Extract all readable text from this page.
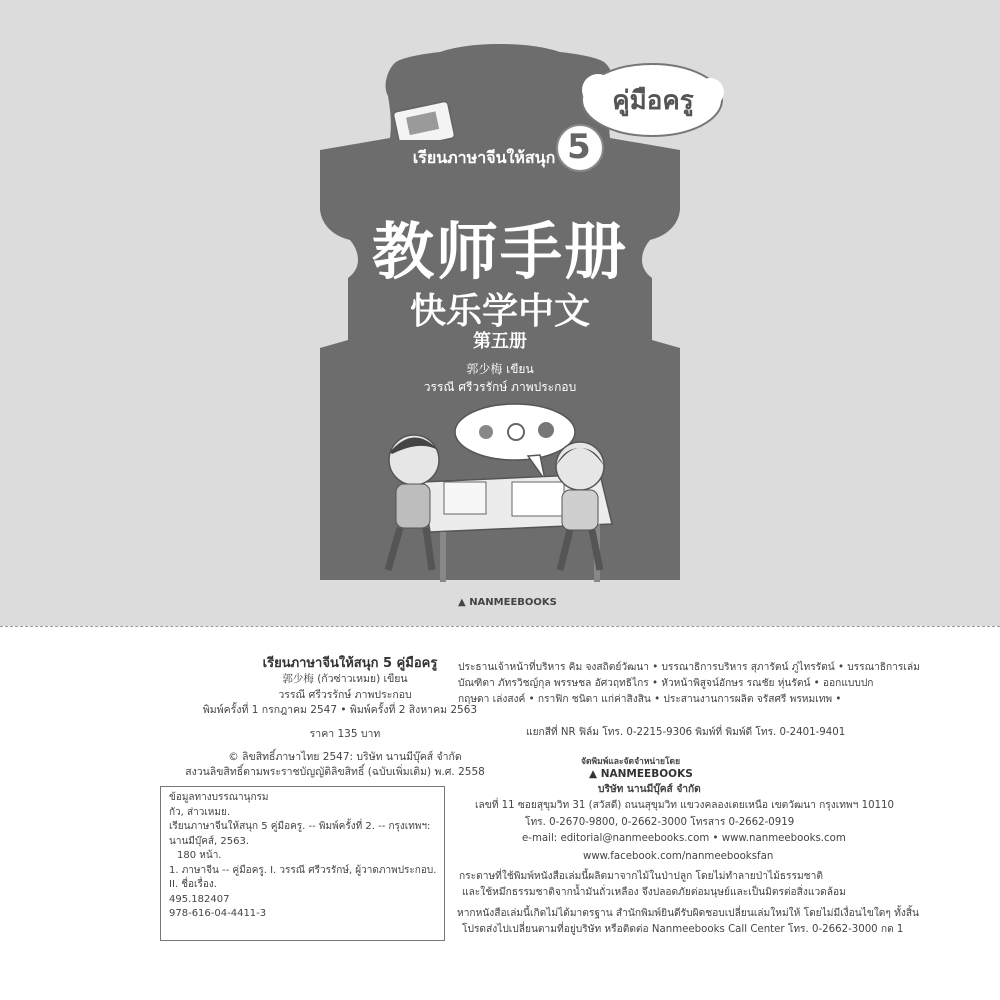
คู่มือครู
เรียนภาษาจีนให้สนุก 5
教师手册
快乐学中文
第五册
郭少梅 เขียน
วรรณี ศรีวรรักษ์ ภาพประกอบ
▲ NANMEEBOOKS
เรียนภาษาจีนให้สนุก 5 คู่มือครู
郭少梅 (กัวซ่าวเหมย) เขียน
วรรณี ศรีวรรักษ์ ภาพประกอบ
พิมพ์ครั้งที่ 1 กรกฎาคม 2547 • พิมพ์ครั้งที่ 2 สิงหาคม 2563
ราคา 135 บาท
© ลิขสิทธิ์ภาษาไทย 2547: บริษัท นานมีบุ๊คส์ จำกัด
สงวนลิขสิทธิ์ตามพระราชบัญญัติลิขสิทธิ์ (ฉบับเพิ่มเติม) พ.ศ. 2558
ข้อมูลทางบรรณานุกรม
กัว, ส่าวเหมย.
เรียนภาษาจีนให้สนุก 5 คู่มือครู. -- พิมพ์ครั้งที่ 2. -- กรุงเทพฯ:
นานมีบุ๊คส์, 2563.
180 หน้า.
1. ภาษาจีน -- คู่มือครู. I. วรรณี ศรีวรรักษ์, ผู้วาดภาพประกอบ.
II. ชื่อเรื่อง.
495.182407
978-616-04-4411-3
ประธานเจ้าหน้าที่บริหาร คิม จงสถิตย์วัฒนา • บรรณาธิการบริหาร สุภารัตน์ ภู่ไทรรัตน์ • บรรณาธิการเล่ม
บัณฑิตา ภัทรวิชญ์กุล พรรษชล อัศวฤทธิไกร • หัวหน้าพิสูจน์อักษร รณชัย หุ่นรัตน์ • ออกแบบปก
กฤษดา เล่งสงค์ • กราฟิก ชนิดา แก่ค่าสิงสิน • ประสานงานการผลิต จรัสศรี พรหมเทพ •
แยกสีที่ NR ฟิล์ม โทร. 0-2215-9306 พิมพ์ที่ พิมพ์ดี โทร. 0-2401-9401
จัดพิมพ์และจัดจำหน่ายโดย
▲ NANMEEBOOKS
บริษัท นานมีบุ๊คส์ จำกัด
เลขที่ 11 ซอยสุขุมวิท 31 (สวัสดี) ถนนสุขุมวิท แขวงคลองเตยเหนือ เขตวัฒนา กรุงเทพฯ 10110
โทร. 0-2670-9800, 0-2662-3000 โทรสาร 0-2662-0919
e-mail: editorial@nanmeebooks.com • www.nanmeebooks.com
www.facebook.com/nanmeebooksfan
กระดาษที่ใช้พิมพ์หนังสือเล่มนี้ผลิตมาจากไม้ในป่าปลูก โดยไม่ทำลายป่าไม้ธรรมชาติ
และใช้หมึกธรรมชาติจากน้ำมันถั่วเหลือง จึงปลอดภัยต่อมนุษย์และเป็นมิตรต่อสิ่งแวดล้อม
หากหนังสือเล่มนี้เกิดไม่ได้มาตรฐาน สำนักพิมพ์ยินดีรับผิดชอบเปลี่ยนเล่มใหม่ให้ โดยไม่มีเงื่อนไขใดๆ ทั้งสิ้น
โปรดส่งไปเปลี่ยนตามที่อยู่บริษัท หรือติดต่อ Nanmeebooks Call Center โทร. 0-2662-3000 กด 1
